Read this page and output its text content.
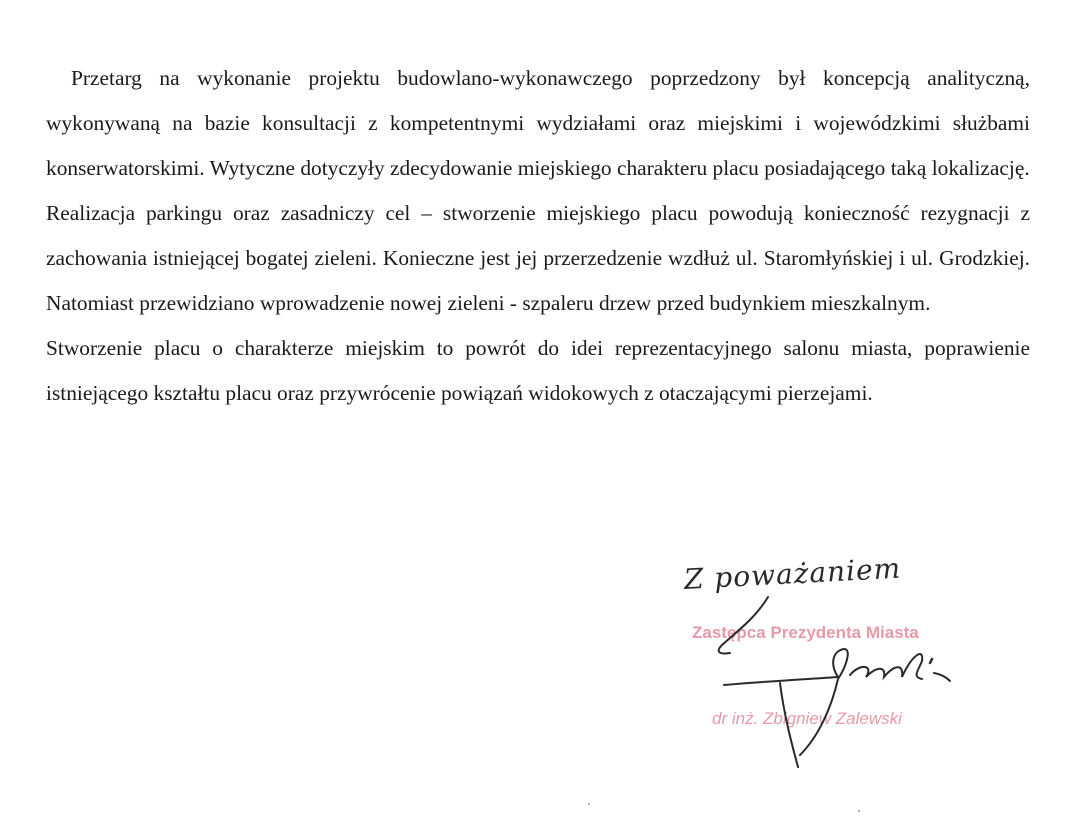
Przetarg na wykonanie projektu budowlano-wykonawczego poprzedzony był koncepcją analityczną, wykonywaną na bazie konsultacji z kompetentnymi wydziałami oraz miejskimi i wojewódzkimi służbami konserwatorskimi. Wytyczne dotyczyły zdecydowanie miejskiego charakteru placu posiadającego taką lokalizację.

Realizacja parkingu oraz zasadniczy cel – stworzenie miejskiego placu powodują konieczność rezygnacji z zachowania istniejącej bogatej zieleni. Konieczne jest jej przerzedzenie wzdłuż ul. Staromłyńskiej i ul. Grodzkiej. Natomiast przewidziano wprowadzenie nowej zieleni - szpaleru drzew przed budynkiem mieszkalnym.

Stworzenie placu o charakterze miejskim to powrót do idei reprezentacyjnego salonu miasta, poprawienie istniejącego kształtu placu oraz przywrócenie powiązań widokowych z otaczającymi pierzejami.

Z poważaniem
Zastępca Prezydenta Miasta
dr inż. Zbigniew Zalewski
